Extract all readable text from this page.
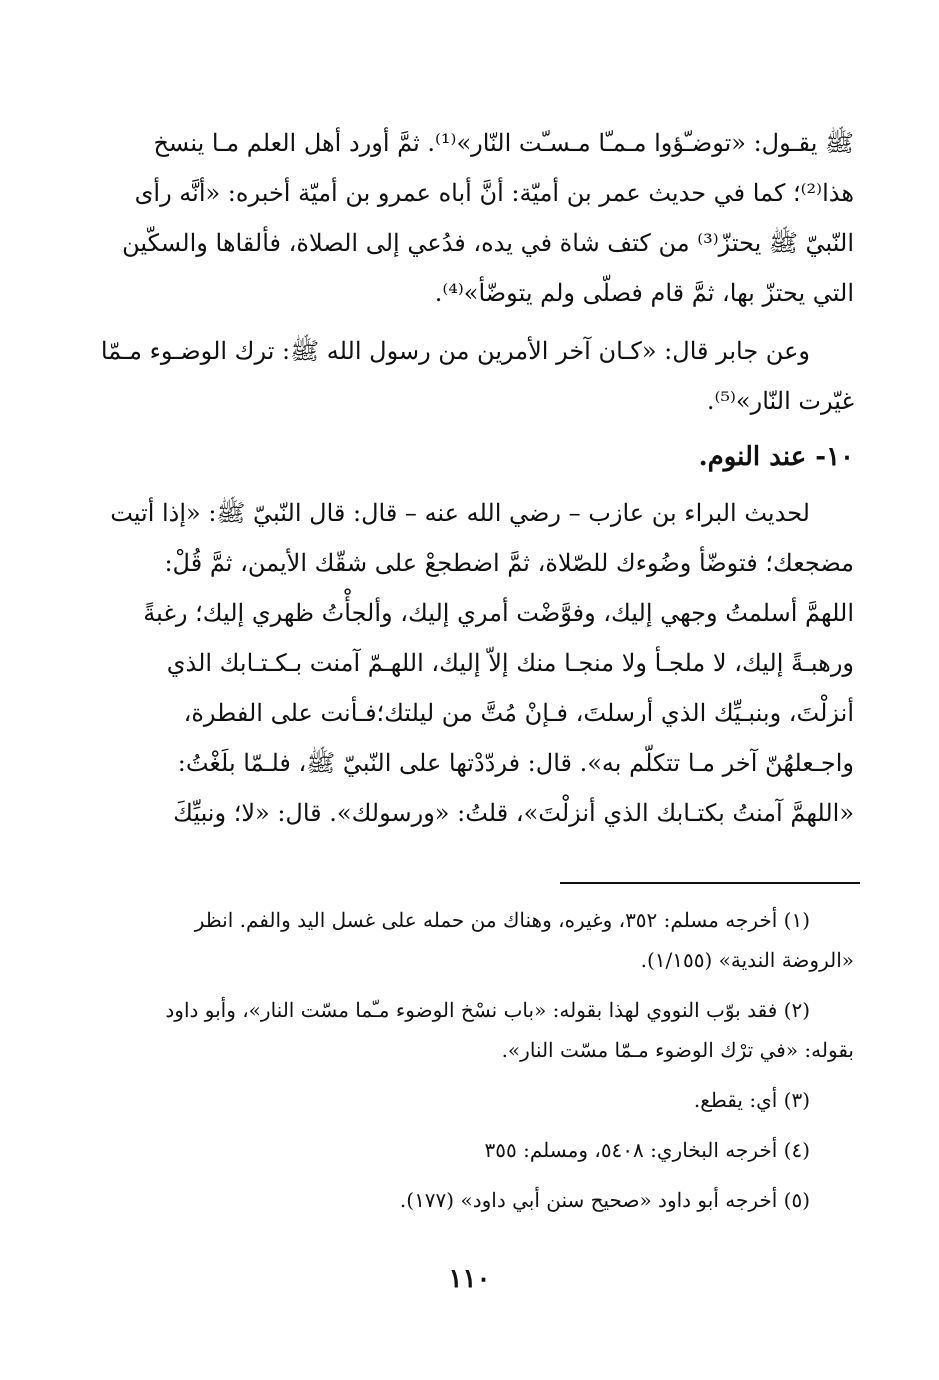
ﷺ يقـول: «توضـّؤوا مـمـّا مـسـّت النّار»⁽¹⁾. ثمَّ أورد أهل العلم مـا ينسخ
هذا⁽²⁾؛ كما في حديث عمر بن أميّة: أنَّ أباه عمرو بن أميّة أخبره: «أنَّه رأى
النّبيّ ﷺ يحتزّ⁽³⁾ من كتف شاة في يده، فدُعي إلى الصلاة، فألقاها والسكّين
التي يحتزّ بها، ثمَّ قام فصلّى ولم يتوضّأ»⁽⁴⁾.

وعن جابر قال: «كـان آخر الأمرين من رسول الله ﷺ: ترك الوضـوء مـمّا
غيّرت النّار»⁽⁵⁾.

١٠- عند النوم.

لحديث البراء بن عازب – رضي الله عنه – قال: قال النّبيّ ﷺ: «إذا أتيت
مضجعك؛ فتوضّأ وضُوءك للصّلاة، ثمَّ اضطجعْ على شقّك الأيمن، ثمَّ قُلْ:
اللهمَّ أسلمتُ وجهي إليك، وفوَّضْت أمري إليك، وألجأْتُ ظهري إليك؛ رغبةً
ورهبـةً إليك، لا ملجـأ ولا منجـا منك إلاّ إليك، اللهـمّ آمنت بـكـتـابك الذي
أنزلْتَ، وبنبـيِّك الذي أرسلتَ، فـإنْ مُتَّ من ليلتك؛فـأنت على الفطرة،
واجـعلهُنّ آخر مـا تتكلّم به». قال: فردّدْتها على النّبيّ ﷺ، فلـمّا بلَغْتُ:
«اللهمَّ آمنتُ بكتـابك الذي أنزلْتَ»، قلتُ: «ورسولك». قال: «لا؛ ونبيِّكَ

(١) أخرجه مسلم: ٣٥٢، وغيره، وهناك من حمله على غسل اليد والفم. انظر
«الروضة الندية» (١/١٥٥).
(٢) فقد بوّب النووي لهذا بقوله: «باب نسْخ الوضوء مـّما مسّت النار»، وأبو داود
بقوله: «في ترْك الوضوء مـمّا مسّت النار».
(٣) أي: يقطع.
(٤) أخرجه البخاري: ٥٤٠٨، ومسلم: ٣٥٥
(٥) أخرجه أبو داود «صحيح سنن أبي داود» (١٧٧).
١١٠
